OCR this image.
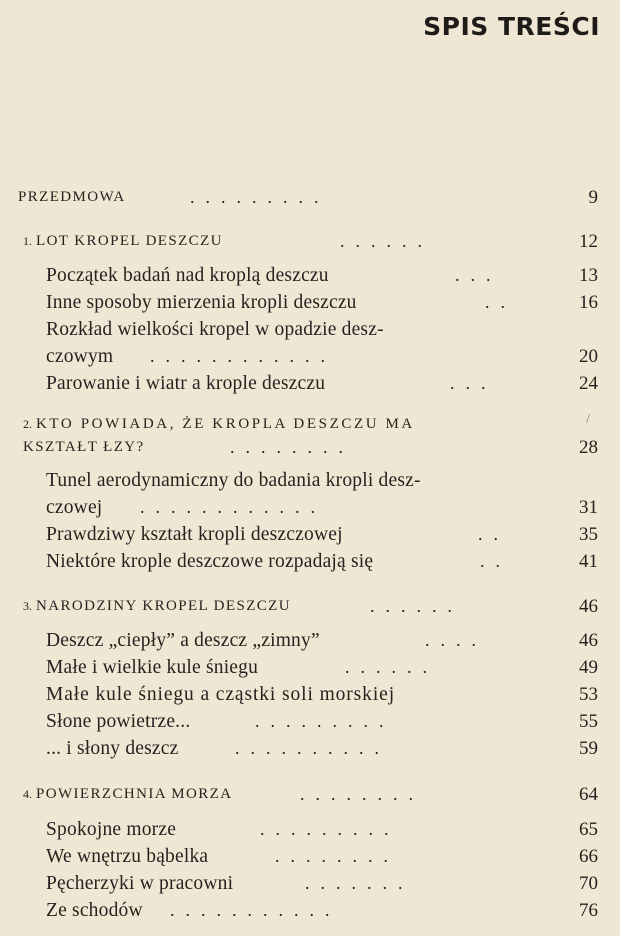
SPIS TREŚCI
PRZEDMOWA	.........	9
1. LOT KROPEL DESZCZU	......	12
Początek badań nad kroplą deszczu	...	13
Inne sposoby mierzenia kropli deszczu	..	16
Rozkład wielkości kropel w opadzie desz-
czowym ............	20
Parowanie i wiatr a krople deszczu	...	24
2. KTO POWIADA, ŻE KROPLA DESZCZU MA
KSZTAŁT ŁZY?	........	28
/
Tunel aerodynamiczny do badania kropli desz-
czowej ............	31
Prawdziwy kształt kropli deszczowej	..	35
Niektóre krople deszczowe rozpadają się	..	41
3. NARODZINY KROPEL DESZCZU	......	46
Deszcz „ciepły” a deszcz „zimny”	....	46
Małe i wielkie kule śniegu	......	49
Małe kule śniegu a cząstki soli morskiej	53
Słone powietrze...	.........	55
... i słony deszcz	..........	59
4. POWIERZCHNIA MORZA	........	64
Spokojne morze	.........	65
We wnętrzu bąbelka	........	66
Pęcherzyki w pracowni	.......	70
Ze schodów ...........	76
